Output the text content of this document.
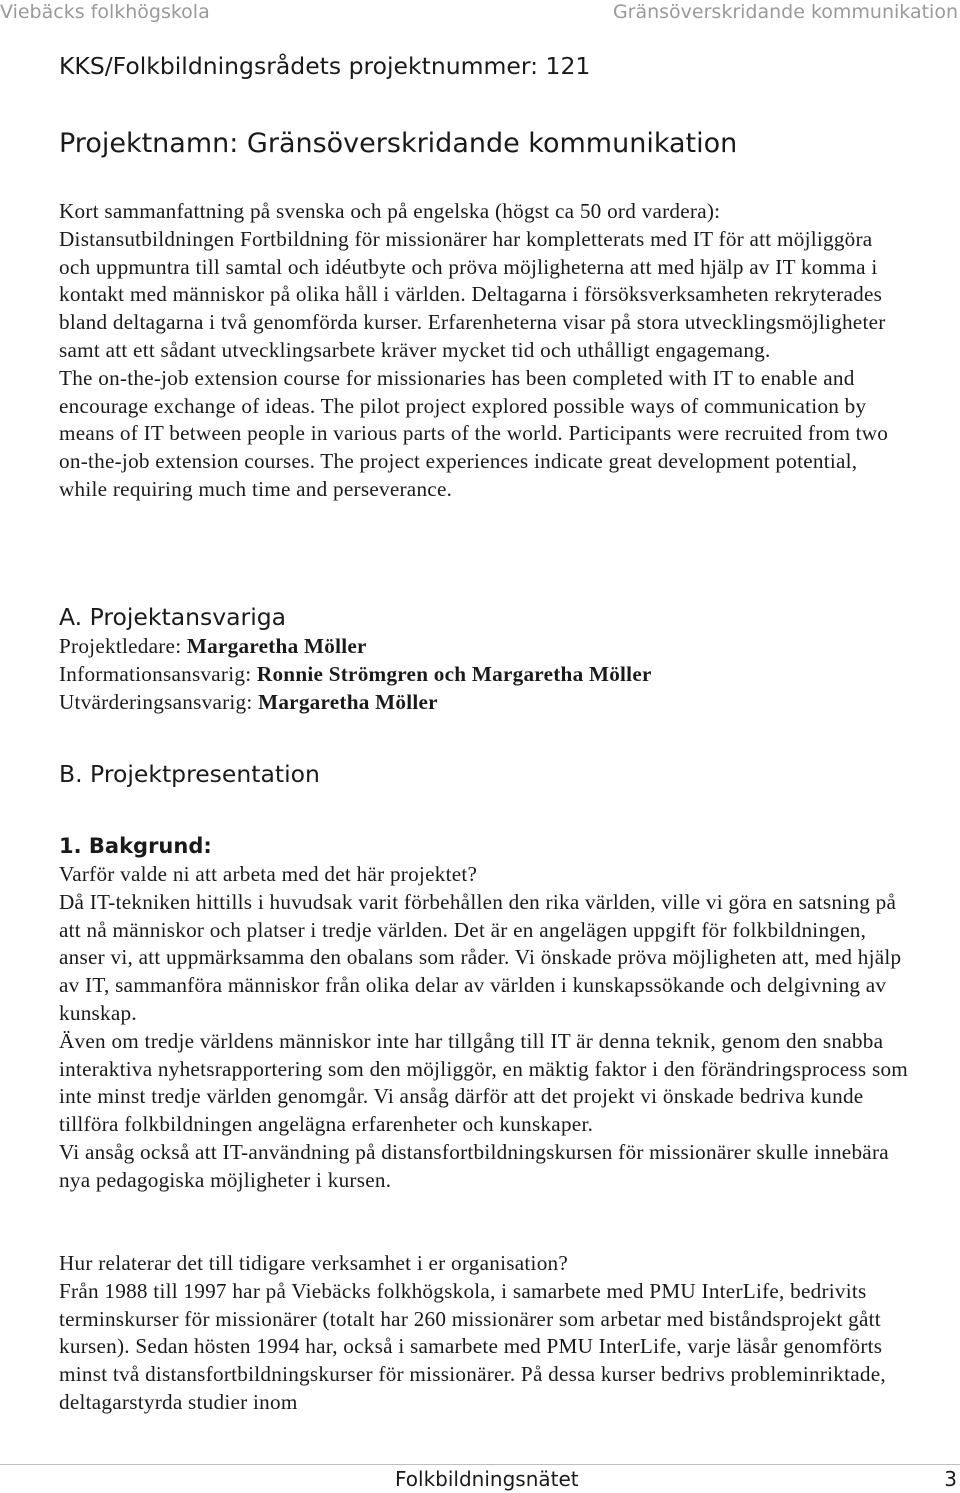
Viebäcks folkhögskola	Gränsöverskridande kommunikation
KKS/Folkbildningsrådets projektnummer: 121
Projektnamn: Gränsöverskridande kommunikation

Kort sammanfattning på svenska och på engelska (högst ca 50 ord vardera):

Distansutbildningen Fortbildning för missionärer har kompletterats med IT för att möjliggöra och uppmuntra till samtal och idéutbyte och pröva möjligheterna att med hjälp av IT komma i kontakt med människor på olika håll i världen. Deltagarna i försöksverksamheten rekryterades bland deltagarna i två genomförda kurser. Erfarenheterna visar på stora utvecklingsmöjligheter samt att ett sådant utvecklingsarbete kräver mycket tid och uthålligt engagemang.

The on-the-job extension course for missionaries has been completed with IT to enable and encourage exchange of ideas. The pilot project explored possible ways of communication by means of IT between people in various parts of the world. Participants were recruited from two on-the-job extension courses. The project experiences indicate great development potential, while requiring much time and perseverance.

A. Projektansvariga
Projektledare: Margaretha Möller
Informationsansvarig: Ronnie Strömgren och Margaretha Möller
Utvärderingsansvarig: Margaretha Möller
B. Projektpresentation
1. Bakgrund:

Varför valde ni att arbeta med det här projektet?

Då IT-tekniken hittills i huvudsak varit förbehållen den rika världen, ville vi göra en satsning på att nå människor och platser i tredje världen. Det är en angelägen uppgift för folkbildningen, anser vi, att uppmärksamma den obalans som råder. Vi önskade pröva möjligheten att, med hjälp av IT, sammanföra människor från olika delar av världen i kunskapssökande och delgivning av kunskap.

Även om tredje världens människor inte har tillgång till IT är denna teknik, genom den snabba interaktiva nyhetsrapportering som den möjliggör, en mäktig faktor i den förändringsprocess som inte minst tredje världen genomgår. Vi ansåg därför att det projekt vi önskade bedriva kunde tillföra folkbildningen angelägna erfarenheter och kunskaper.

Vi ansåg också att IT-användning på distansfortbildningskursen för missionärer skulle innebära nya pedagogiska möjligheter i kursen.

Hur relaterar det till tidigare verksamhet i er organisation?

Från 1988 till 1997 har på Viebäcks folkhögskola, i samarbete med PMU InterLife, bedrivits terminskurser för missionärer (totalt har 260 missionärer som arbetar med biståndsprojekt gått kursen). Sedan hösten 1994 har, också i samarbete med PMU InterLife, varje läsår genomförts minst två distansfortbildningskurser för missionärer. På dessa kurser bedrivs probleminriktade, deltagarstyrda studier inom

Folkbildningsnätet	3
